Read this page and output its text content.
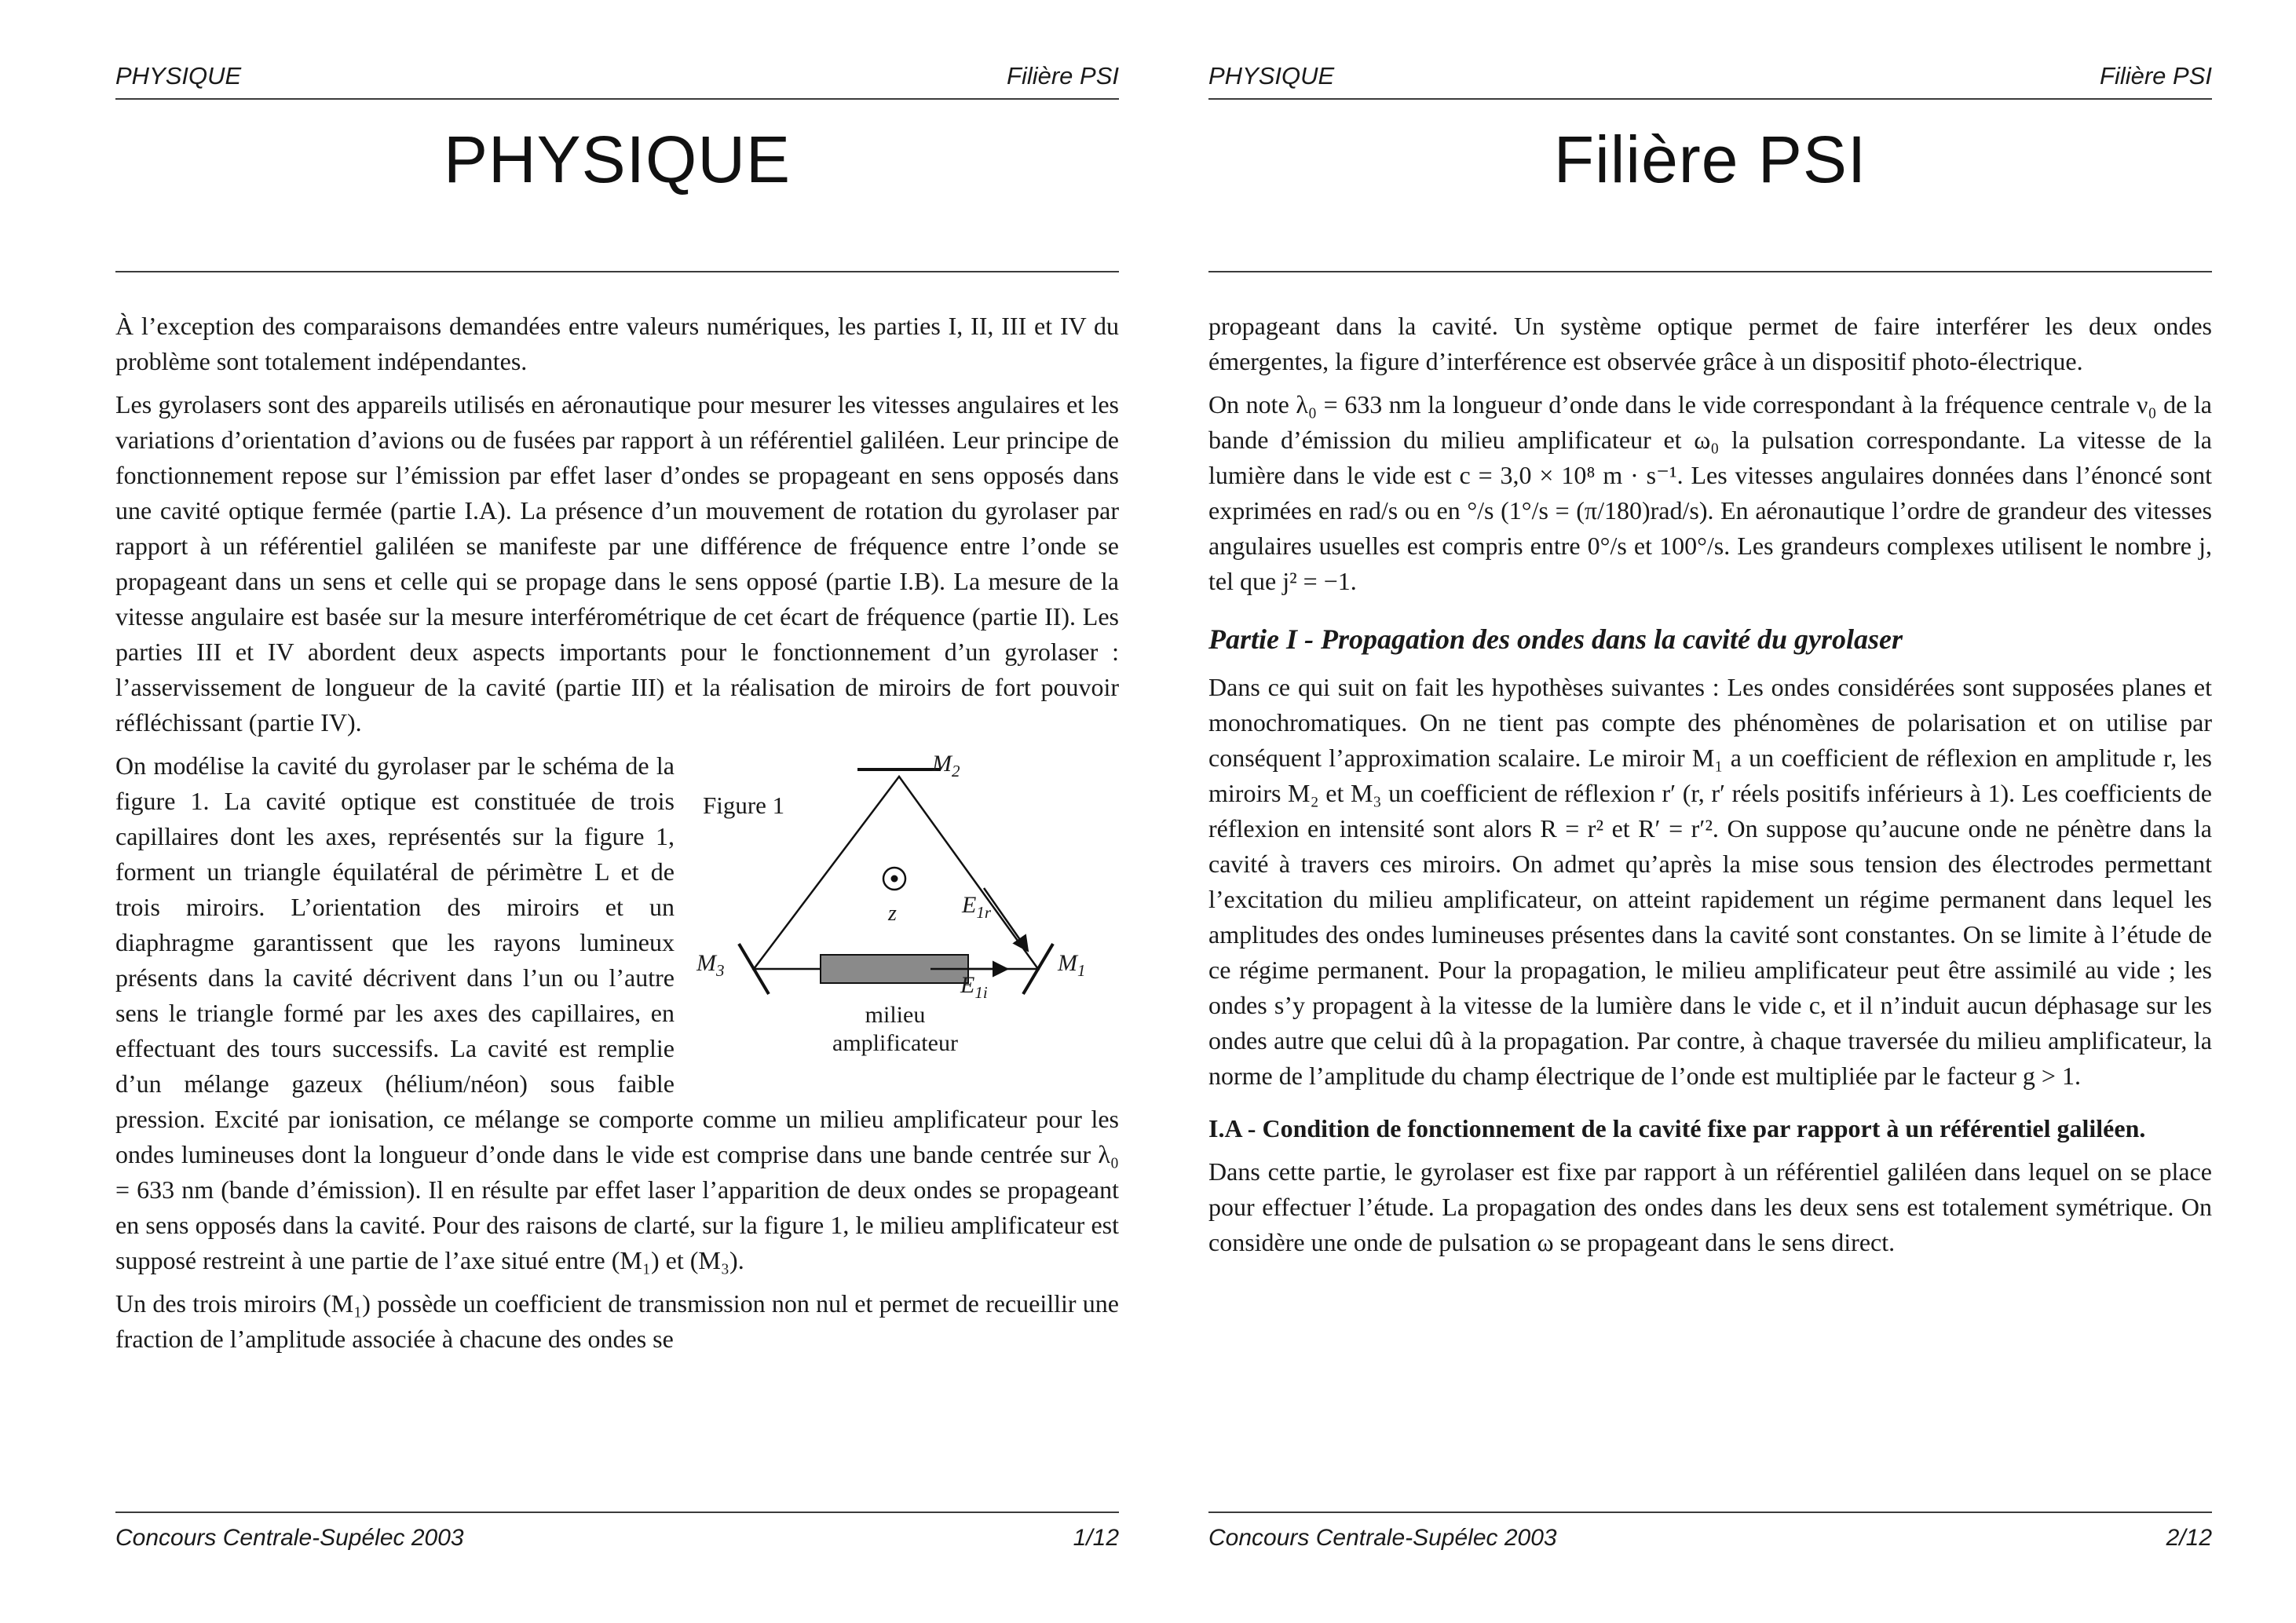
PHYSIQUE	Filière PSI
PHYSIQUE

À l’exception des comparaisons demandées entre valeurs numériques, les parties I, II, III et IV du problème sont totalement indépendantes.

Les gyrolasers sont des appareils utilisés en aéronautique pour mesurer les vitesses angulaires et les variations d’orientation d’avions ou de fusées par rapport à un référentiel galiléen. Leur principe de fonctionnement repose sur l’émission par effet laser d’ondes se propageant en sens opposés dans une cavité optique fermée (partie I.A). La présence d’un mouvement de rotation du gyrolaser par rapport à un référentiel galiléen se manifeste par une différence de fréquence entre l’onde se propageant dans un sens et celle qui se propage dans le sens opposé (partie I.B). La mesure de la vitesse angulaire est basée sur la mesure interférométrique de cet écart de fréquence (partie II). Les parties III et IV abordent deux aspects importants pour le fonctionnement d’un gyrolaser : l’asservissement de longueur de la cavité (partie III) et la réalisation de miroirs de fort pouvoir réfléchissant (partie IV).

Figure 1
$M_2$
$M_3$	$M_1$
z	$E_{1r}$
$E_{1i}$
milieu
amplificateur

On modélise la cavité du gyrolaser par le schéma de la figure 1. La cavité optique est constituée de trois capillaires dont les axes, représentés sur la figure 1, forment un triangle équilatéral de périmètre L et de trois miroirs. L’orientation des miroirs et un diaphragme garantissent que les rayons lumineux présents dans la cavité décrivent dans l’un ou l’autre sens le triangle formé par les axes des capillaires, en effectuant des tours successifs. La cavité est remplie d’un mélange gazeux (hélium/néon) sous faible pression. Excité par ionisation, ce mélange se comporte comme un milieu amplificateur pour les ondes lumineuses dont la longueur d’onde dans le vide est comprise dans une bande centrée sur λ₀ = 633 nm (bande d’émission). Il en résulte par effet laser l’apparition de deux ondes se propageant en sens opposés dans la cavité. Pour des raisons de clarté, sur la figure 1, le milieu amplificateur est supposé restreint à une partie de l’axe situé entre (M₁) et (M₃).

Un des trois miroirs (M₁) possède un coefficient de transmission non nul et permet de recueillir une fraction de l’amplitude associée à chacune des ondes se

Concours Centrale-Supélec 2003	1/12
PHYSIQUE	Filière PSI
Filière PSI

propageant dans la cavité. Un système optique permet de faire interférer les deux ondes émergentes, la figure d’interférence est observée grâce à un dispositif photo-électrique.

On note λ₀ = 633 nm la longueur d’onde dans le vide correspondant à la fréquence centrale ν₀ de la bande d’émission du milieu amplificateur et ω₀ la pulsation correspondante. La vitesse de la lumière dans le vide est c = 3,0 × 10⁸ m · s⁻¹. Les vitesses angulaires données dans l’énoncé sont exprimées en rad/s ou en °/s (1°/s = (π/180)rad/s). En aéronautique l’ordre de grandeur des vitesses angulaires usuelles est compris entre 0°/s et 100°/s. Les grandeurs complexes utilisent le nombre j, tel que j² = −1.

Partie I - Propagation des ondes dans la cavité du gyrolaser

Dans ce qui suit on fait les hypothèses suivantes : Les ondes considérées sont supposées planes et monochromatiques. On ne tient pas compte des phénomènes de polarisation et on utilise par conséquent l’approximation scalaire. Le miroir M₁ a un coefficient de réflexion en amplitude r, les miroirs M₂ et M₃ un coefficient de réflexion r′ (r, r′ réels positifs inférieurs à 1). Les coefficients de réflexion en intensité sont alors R = r² et R′ = r′². On suppose qu’aucune onde ne pénètre dans la cavité à travers ces miroirs. On admet qu’après la mise sous tension des électrodes permettant l’excitation du milieu amplificateur, on atteint rapidement un régime permanent dans lequel les amplitudes des ondes lumineuses présentes dans la cavité sont constantes. On se limite à l’étude de ce régime permanent. Pour la propagation, le milieu amplificateur peut être assimilé au vide ; les ondes s’y propagent à la vitesse de la lumière dans le vide c, et il n’induit aucun déphasage sur les ondes autre que celui dû à la propagation. Par contre, à chaque traversée du milieu amplificateur, la norme de l’amplitude du champ électrique de l’onde est multipliée par le facteur g > 1.

I.A - Condition de fonctionnement de la cavité fixe par rapport à un référentiel galiléen.

Dans cette partie, le gyrolaser est fixe par rapport à un référentiel galiléen dans lequel on se place pour effectuer l’étude. La propagation des ondes dans les deux sens est totalement symétrique. On considère une onde de pulsation ω se propageant dans le sens direct.

Concours Centrale-Supélec 2003	2/12
